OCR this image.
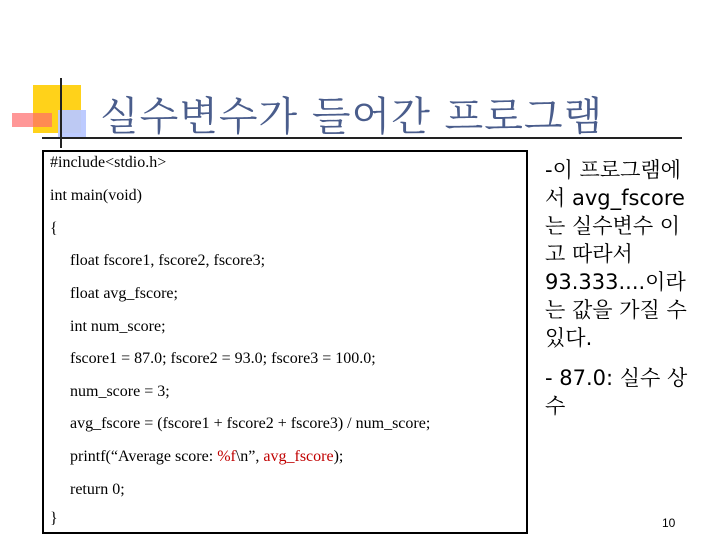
실수변수가 들어간 프로그램
#include<stdio.h>
int main(void)
{
float fscore1, fscore2, fscore3;
float avg_fscore;
int num_score;
fscore1 = 87.0; fscore2 = 93.0; fscore3 = 100.0;
num_score = 3;
avg_fscore = (fscore1 + fscore2 + fscore3) / num_score;
printf(“Average score: %f\n”, avg_fscore);
return 0;
}
-이 프로그램에서 avg_fscore는 실수변수 이고 따라서 93.333....이라는 값을 가질 수 있다.
- 87.0: 실수 상수
10
